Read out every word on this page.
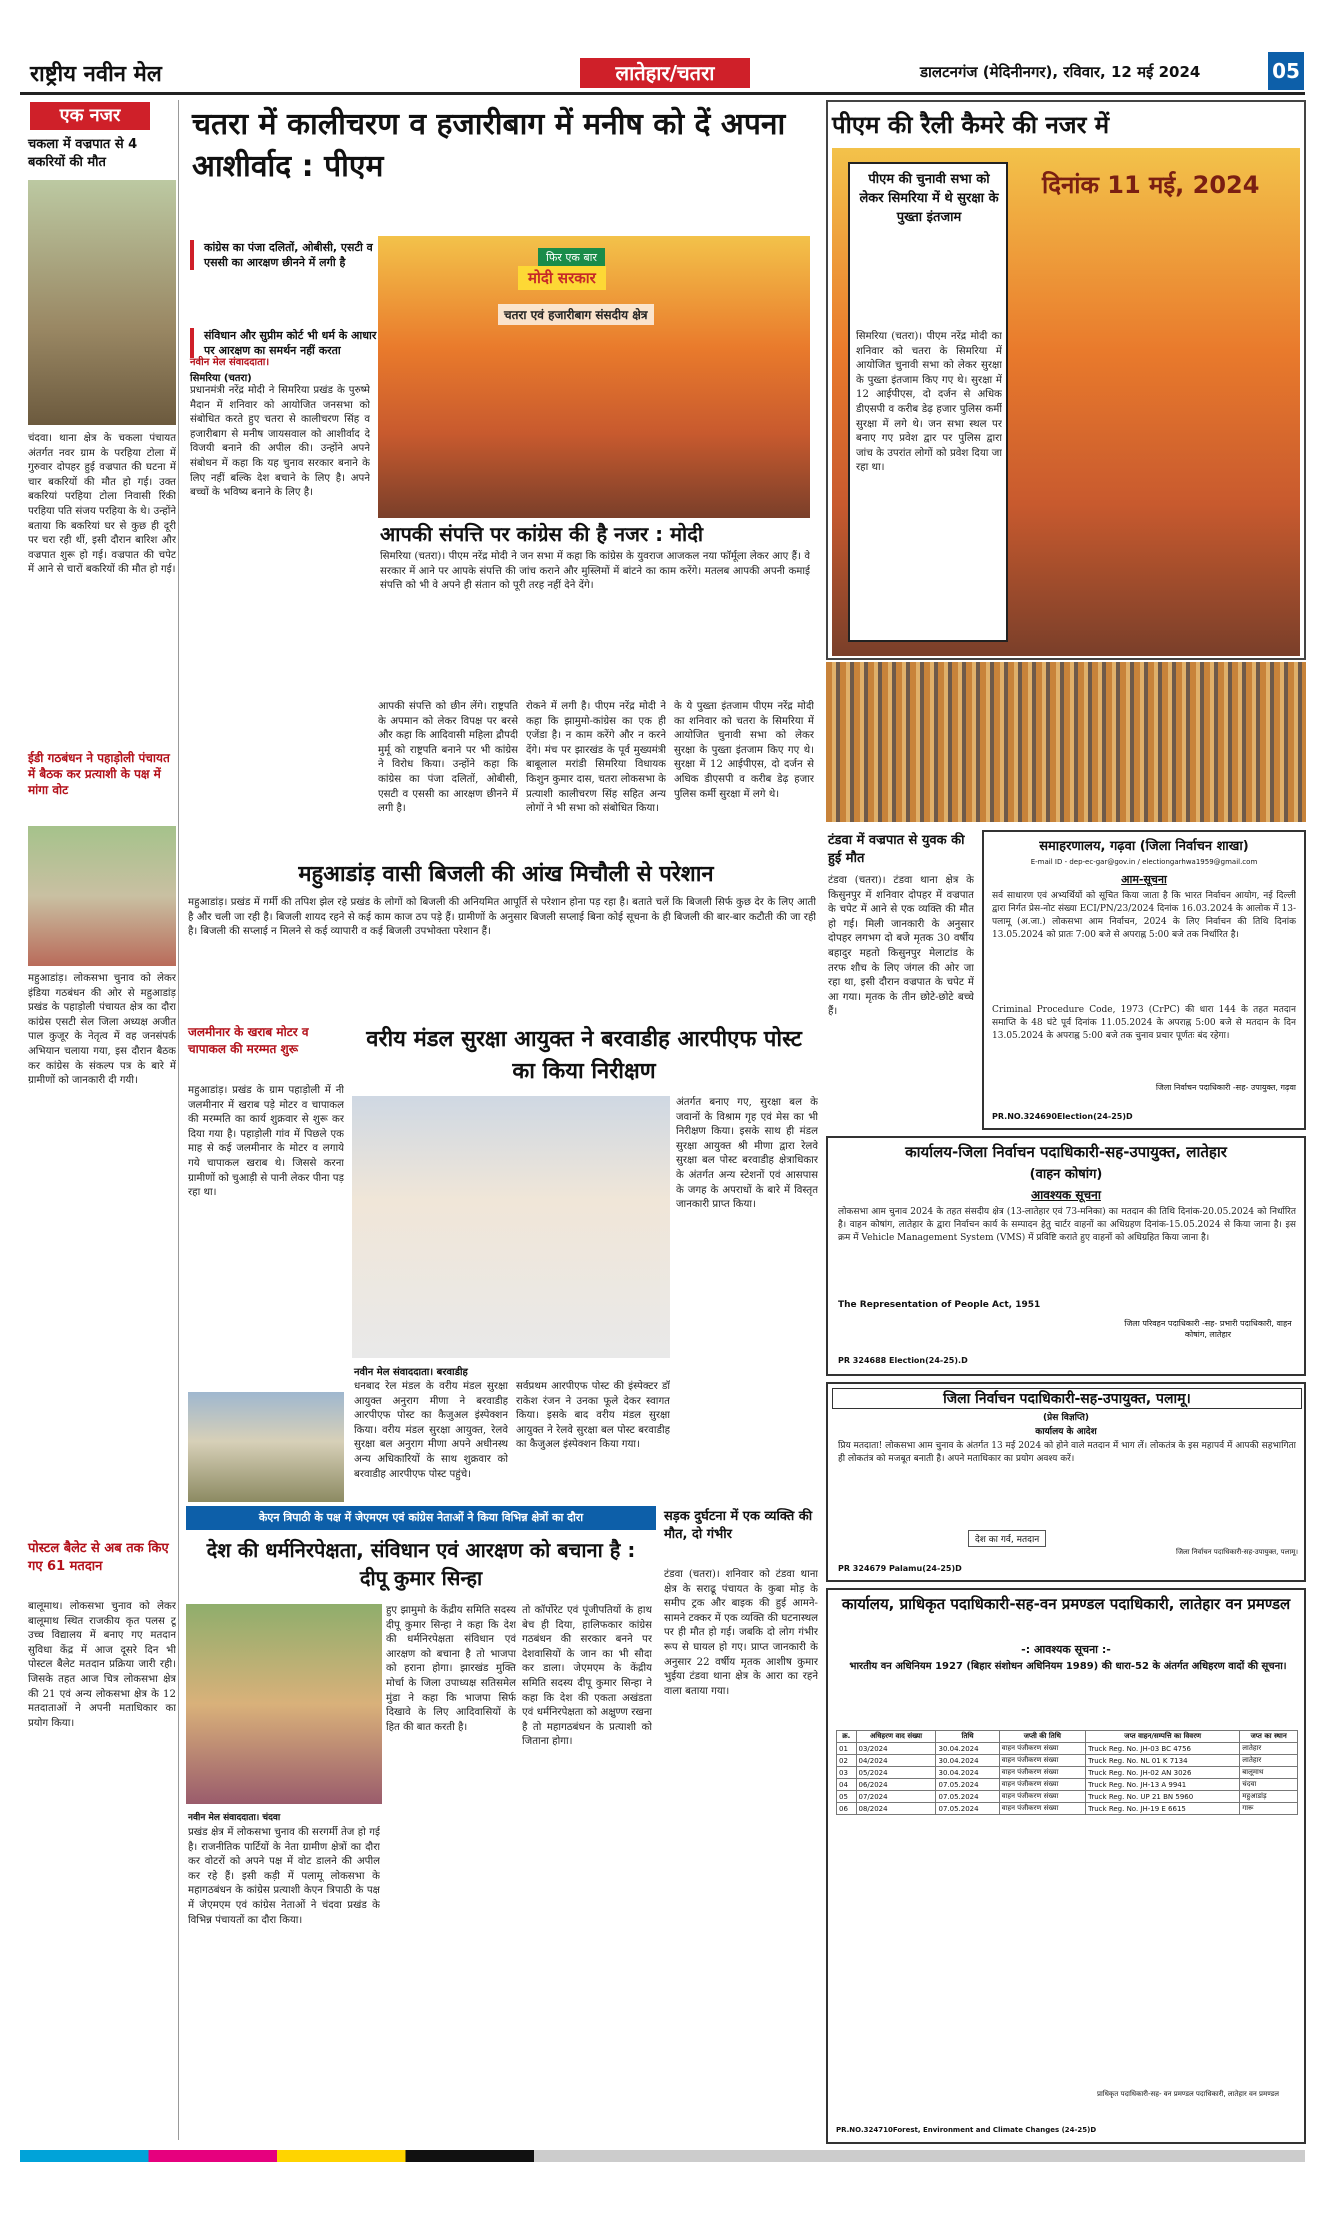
राष्ट्रीय नवीन मेल	लातेहार/चतरा	डालटनगंज (मेदिनीनगर), रविवार, 12 मई 2024	05
एक नजर
चकला में वज्रपात से 4 बकरियों की मौत
चंदवा। थाना क्षेत्र के चकला पंचायत अंतर्गत नवर ग्राम के परहिया टोला में गुरुवार दोपहर हुई वज्रपात की घटना में चार बकरियों की मौत हो गई। उक्त बकरियां परहिया टोला निवासी रिंकी परहिया पति संजय परहिया के थे। उन्होंने बताया कि बकरियां घर से कुछ ही दूरी पर चरा रही थीं, इसी दौरान बारिश और वज्रपात शुरू हो गई। वज्रपात की चपेट में आने से चारों बकरियों की मौत हो गई।
ईडी गठबंधन ने पहाड़ोली पंचायत में बैठक कर प्रत्याशी के पक्ष में मांगा वोट
महुआडांड़। लोकसभा चुनाव को लेकर इंडिया गठबंधन की ओर से महुआडांड़ प्रखंड के पहाड़ोली पंचायत क्षेत्र का दौरा कांग्रेस एसटी सेल जिला अध्यक्ष अजीत पाल कुजूर के नेतृत्व में वह जनसंपर्क अभियान चलाया गया, इस दौरान बैठक कर कांग्रेस के संकल्प पत्र के बारे में ग्रामीणों को जानकारी दी गयी।
पोस्टल बैलेट से अब तक किए गए 61 मतदान
बालूमाथ। लोकसभा चुनाव को लेकर बालूमाथ स्थित राजकीय कृत पलस टू उच्च विद्यालय में बनाए गए मतदान सुविधा केंद्र में आज दूसरे दिन भी पोस्टल बैलेट मतदान प्रक्रिया जारी रही। जिसके तहत आज चित्र लोकसभा क्षेत्र की 21 एवं अन्य लोकसभा क्षेत्र के 12 मतदाताओं ने अपनी मताधिकार का प्रयोग किया।
चतरा में कालीचरण व हजारीबाग में मनीष को दें अपना आशीर्वाद : पीएम
कांग्रेस का पंजा दलितों, ओबीसी, एसटी व एससी का आरक्षण छीनने में लगी है
संविधान और सुप्रीम कोर्ट भी धर्म के आधार पर आरक्षण का समर्थन नहीं करता
फिर एक बार
मोदी सरकार
चतरा एवं हजारीबाग संसदीय क्षेत्र
नवीन मेल संवाददाता।
सिमरिया (चतरा)
प्रधानमंत्री नरेंद्र मोदी ने सिमरिया प्रखंड के पुरुष्मे मैदान में शनिवार को आयोजित जनसभा को संबोधित करते हुए चतरा से कालीचरण सिंह व हजारीबाग से मनीष जायसवाल को आशीर्वाद दे विजयी बनाने की अपील की। उन्होंने अपने संबोधन में कहा कि यह चुनाव सरकार बनाने के लिए नहीं बल्कि देश बचाने के लिए है। अपने बच्चों के भविष्य बनाने के लिए है।
पीएम की रैली कैमरे की नजर में
दिनांक 11 मई, 2024
पीएम की चुनावी सभा को लेकर सिमरिया में थे सुरक्षा के पुख्ता इंतजाम
सिमरिया (चतरा)। पीएम नरेंद्र मोदी का शनिवार को चतरा के सिमरिया में आयोजित चुनावी सभा को लेकर सुरक्षा के पुख्ता इंतजाम किए गए थे। सुरक्षा में 12 आईपीएस, दो दर्जन से अधिक डीएसपी व करीब डेढ़ हजार पुलिस कर्मी सुरक्षा में लगे थे। जन सभा स्थल पर बनाए गए प्रवेश द्वार पर पुलिस द्वारा जांच के उपरांत लोगों को प्रवेश दिया जा रहा था।
आपकी संपत्ति पर कांग्रेस की है नजर : मोदी
सिमरिया (चतरा)। पीएम नरेंद्र मोदी ने जन सभा में कहा कि कांग्रेस के युवराज आजकल नया फॉर्मूला लेकर आए हैं। वे सरकार में आने पर आपके संपत्ति की जांच कराने और मुस्लिमों में बांटने का काम करेंगे। मतलब आपकी अपनी कमाई संपत्ति को भी वे अपने ही संतान को पूरी तरह नहीं देने देंगे।
आपकी संपत्ति को छीन लेंगे। राष्ट्रपति के अपमान को लेकर विपक्ष पर बरसे और कहा कि आदिवासी महिला द्रौपदी मुर्मू को राष्ट्रपति बनाने पर भी कांग्रेस ने विरोध किया। उन्होंने कहा कि कांग्रेस का पंजा दलितों, ओबीसी, एसटी व एससी का आरक्षण छीनने में लगी है।
रोकने में लगी है। पीएम नरेंद्र मोदी ने कहा कि झामुमो-कांग्रेस का एक ही एजेंडा है। न काम करेंगे और न करने देंगे। मंच पर झारखंड के पूर्व मुख्यमंत्री बाबूलाल मरांडी सिमरिया विधायक किशुन कुमार दास, चतरा लोकसभा के प्रत्याशी कालीचरण सिंह सहित अन्य लोगों ने भी सभा को संबोधित किया।
के ये पुख्ता इंतजाम पीएम नरेंद्र मोदी का शनिवार को चतरा के सिमरिया में आयोजित चुनावी सभा को लेकर सुरक्षा के पुख्ता इंतजाम किए गए थे। सुरक्षा में 12 आईपीएस, दो दर्जन से अधिक डीएसपी व करीब डेढ़ हजार पुलिस कर्मी सुरक्षा में लगे थे।
टंडवा में वज्रपात से युवक की हुई मौत
टंडवा (चतरा)। टंडवा थाना क्षेत्र के किसुनपुर में शनिवार दोपहर में वज्रपात के चपेट में आने से एक व्यक्ति की मौत हो गई। मिली जानकारी के अनुसार दोपहर लगभग दो बजे मृतक 30 वर्षीय बहादुर महतो किसुनपुर मेलाटांड के तरफ शौच के लिए जंगल की ओर जा रहा था, इसी दौरान वज्रपात के चपेट में आ गया। मृतक के तीन छोटे-छोटे बच्चे हैं।
समाहरणालय, गढ़वा (जिला निर्वाचन शाखा)
E-mail ID - dep-ec-gar@gov.in / electiongarhwa1959@gmail.com
आम-सूचना
सर्व साधारण एवं अभ्यर्थियों को सूचित किया जाता है कि भारत निर्वाचन आयोग, नई दिल्ली द्वारा निर्गत प्रेस-नोट संख्या ECI/PN/23/2024 दिनांक 16.03.2024 के आलोक में 13-पलामू (अ.जा.) लोकसभा आम निर्वाचन, 2024 के लिए निर्वाचन की तिथि दिनांक 13.05.2024 को प्रातः 7:00 बजे से अपराह्न 5:00 बजे तक निर्धारित है।
Criminal Procedure Code, 1973 (CrPC) की धारा 144 के तहत मतदान समाप्ति के 48 घंटे पूर्व दिनांक 11.05.2024 के अपराह्न 5:00 बजे से मतदान के दिन 13.05.2024 के अपराह्न 5:00 बजे तक चुनाव प्रचार पूर्णतः बंद रहेगा।
जिला निर्वाचन पदाधिकारी -सह- उपायुक्त, गढ़वा
PR.NO.324690Election(24-25)D
महुआडांड़ वासी बिजली की आंख मिचौली से परेशान
महुआडांड़। प्रखंड में गर्मी की तपिश झेल रहे प्रखंड के लोगों को बिजली की अनियमित आपूर्ति से परेशान होना पड़ रहा है। बताते चलें कि बिजली सिर्फ कुछ देर के लिए आती है और चली जा रही है। बिजली शायद रहने से कई काम काज ठप पड़े हैं। ग्रामीणों के अनुसार बिजली सप्लाई बिना कोई सूचना के ही बिजली की बार-बार कटौती की जा रही है। बिजली की सप्लाई न मिलने से कई व्यापारी व कई बिजली उपभोक्ता परेशान हैं।
जलमीनार के खराब मोटर व चापाकल की मरम्मत शुरू
महुआडांड़। प्रखंड के ग्राम पहाड़ोली में नी जलमीनार में खराब पड़े मोटर व चापाकल की मरम्मति का कार्य शुक्रवार से शुरू कर दिया गया है। पहाड़ोली गांव में पिछले एक माह से कई जलमीनार के मोटर व लगाये गये चापाकल खराब थे। जिससे करना ग्रामीणों को चुआड़ी से पानी लेकर पीना पड़ रहा था।
वरीय मंडल सुरक्षा आयुक्त ने बरवाडीह आरपीएफ पोस्ट का किया निरीक्षण
नवीन मेल संवाददाता। बरवाडीह
धनबाद रेल मंडल के वरीय मंडल सुरक्षा आयुक्त अनुराग मीणा ने बरवाडीह आरपीएफ पोस्ट का कैजुअल इंस्पेक्शन किया। वरीय मंडल सुरक्षा आयुक्त, रेलवे सुरक्षा बल अनुराग मीणा अपने अधीनस्थ अन्य अधिकारियों के साथ शुक्रवार को बरवाडीह आरपीएफ पोस्ट पहुंचे।
सर्वप्रथम आरपीएफ पोस्ट की इंस्पेक्टर डॉ राकेश रंजन ने उनका फूले देकर स्वागत किया। इसके बाद वरीय मंडल सुरक्षा आयुक्त ने रेलवे सुरक्षा बल पोस्ट बरवाडीह का कैजुअल इंस्पेक्शन किया गया।
अंतर्गत बनाए गए, सुरक्षा बल के जवानों के विश्राम गृह एवं मेस का भी निरीक्षण किया। इसके साथ ही मंडल सुरक्षा आयुक्त श्री मीणा द्वारा रेलवे सुरक्षा बल पोस्ट बरवाडीह क्षेत्राधिकार के अंतर्गत अन्य स्टेशनों एवं आसपास के जगह के अपराधों के बारे में विस्तृत जानकारी प्राप्त किया।
कार्यालय-जिला निर्वाचन पदाधिकारी-सह-उपायुक्त, लातेहार
(वाहन कोषांग)
आवश्यक सूचना
लोकसभा आम चुनाव 2024 के तहत संसदीय क्षेत्र (13-लातेहार एवं 73-मनिका) का मतदान की तिथि दिनांक-20.05.2024 को निर्धारित है। वाहन कोषांग, लातेहार के द्वारा निर्वाचन कार्य के सम्पादन हेतु चार्टर वाहनों का अधिग्रहण दिनांक-15.05.2024 से किया जाना है। इस क्रम में Vehicle Management System (VMS) में प्रविष्टि कराते हुए वाहनों को अधिग्रहित किया जाना है।
The Representation of People Act, 1951
जिला परिवहन पदाधिकारी -सह- प्रभारी पदाधिकारी, वाहन कोषांग, लातेहार
PR 324688 Election(24-25).D
जिला निर्वाचन पदाधिकारी-सह-उपायुक्त, पलामू।
(प्रेस विज्ञप्ति)
कार्यालय के आदेश
प्रिय मतदाता! लोकसभा आम चुनाव के अंतर्गत 13 मई 2024 को होने वाले मतदान में भाग लें। लोकतंत्र के इस महापर्व में आपकी सहभागिता ही लोकतंत्र को मजबूत बनाती है। अपने मताधिकार का प्रयोग अवश्य करें।
देश का गर्व, मतदान
जिला निर्वाचन पदाधिकारी-सह-उपायुक्त, पलामू।
PR 324679 Palamu(24-25)D
केएन त्रिपाठी के पक्ष में जेएमएम एवं कांग्रेस नेताओं ने किया विभिन्न क्षेत्रों का दौरा
देश की धर्मनिरपेक्षता, संविधान एवं आरक्षण को बचाना है : दीपू कुमार सिन्हा
नवीन मेल संवाददाता। चंदवा
प्रखंड क्षेत्र में लोकसभा चुनाव की सरगर्मी तेज हो गई है। राजनीतिक पार्टियों के नेता ग्रामीण क्षेत्रों का दौरा कर वोटरों को अपने पक्ष में वोट डालने की अपील कर रहे हैं। इसी कड़ी में पलामू लोकसभा के महागठबंधन के कांग्रेस प्रत्याशी केएन त्रिपाठी के पक्ष में जेएमएम एवं कांग्रेस नेताओं ने चंदवा प्रखंड के विभिन्न पंचायतों का दौरा किया।
हुए झामुमो के केंद्रीय समिति सदस्य दीपू कुमार सिन्हा ने कहा कि देश की धर्मनिरपेक्षता संविधान एवं आरक्षण को बचाना है तो भाजपा को हराना होगा। झारखंड मुक्ति मोर्चा के जिला उपाध्यक्ष सतिसमेल मुंडा ने कहा कि भाजपा सिर्फ दिखावे के लिए आदिवासियों के हित की बात करती है।
तो कॉर्पोरेट एवं पूंजीपतियों के हाथ बेच ही दिया, हालिफकार कांग्रेस गठबंधन की सरकार बनने पर देशवासियों के जान का भी सौदा कर डाला। जेएमएम के केंद्रीय समिति सदस्य दीपू कुमार सिन्हा ने कहा कि देश की एकता अखंडता एवं धर्मनिरपेक्षता को अक्षुण्ण रखना है तो महागठबंधन के प्रत्याशी को जिताना होगा।
सड़क दुर्घटना में एक व्यक्ति की मौत, दो गंभीर
टंडवा (चतरा)। शनिवार को टंडवा थाना क्षेत्र के सराढू पंचायत के कुबा मोड़ के समीप ट्रक और बाइक की हुई आमने-सामने टक्कर में एक व्यक्ति की घटनास्थल पर ही मौत हो गई। जबकि दो लोग गंभीर रूप से घायल हो गए। प्राप्त जानकारी के अनुसार 22 वर्षीय मृतक आशीष कुमार भुईया टंडवा थाना क्षेत्र के आरा का रहने वाला बताया गया।
कार्यालय, प्राधिकृत पदाधिकारी-सह-वन प्रमण्डल पदाधिकारी, लातेहार वन प्रमण्डल
-: आवश्यक सूचना :-
भारतीय वन अधिनियम 1927 (बिहार संशोधन अधिनियम 1989) की धारा-52 के अंतर्गत अधिहरण वादों की सूचना।
क्र.	अधिहरण वाद संख्या	तिथि	जप्ती की तिथि	जप्त वाहन/सम्पत्ति का विवरण	जप्त का स्थान
01	03/2024	30.04.2024	वाहन पंजीकरण संख्या	Truck Reg. No. JH-03 BC 4756	लातेहार
02	04/2024	30.04.2024	वाहन पंजीकरण संख्या	Truck Reg. No. NL 01 K 7134	लातेहार
03	05/2024	30.04.2024	वाहन पंजीकरण संख्या	Truck Reg. No. JH-02 AN 3026	बालूमाथ
04	06/2024	07.05.2024	वाहन पंजीकरण संख्या	Truck Reg. No. JH-13 A 9941	चंदवा
05	07/2024	07.05.2024	वाहन पंजीकरण संख्या	Truck Reg. No. UP 21 BN 5960	महुआडांड़
06	08/2024	07.05.2024	वाहन पंजीकरण संख्या	Truck Reg. No. JH-19 E 6615	गारू
प्राधिकृत पदाधिकारी-सह- वन प्रमण्डल पदाधिकारी, लातेहार वन प्रमण्डल
PR.NO.324710Forest, Environment and Climate Changes (24-25)D
